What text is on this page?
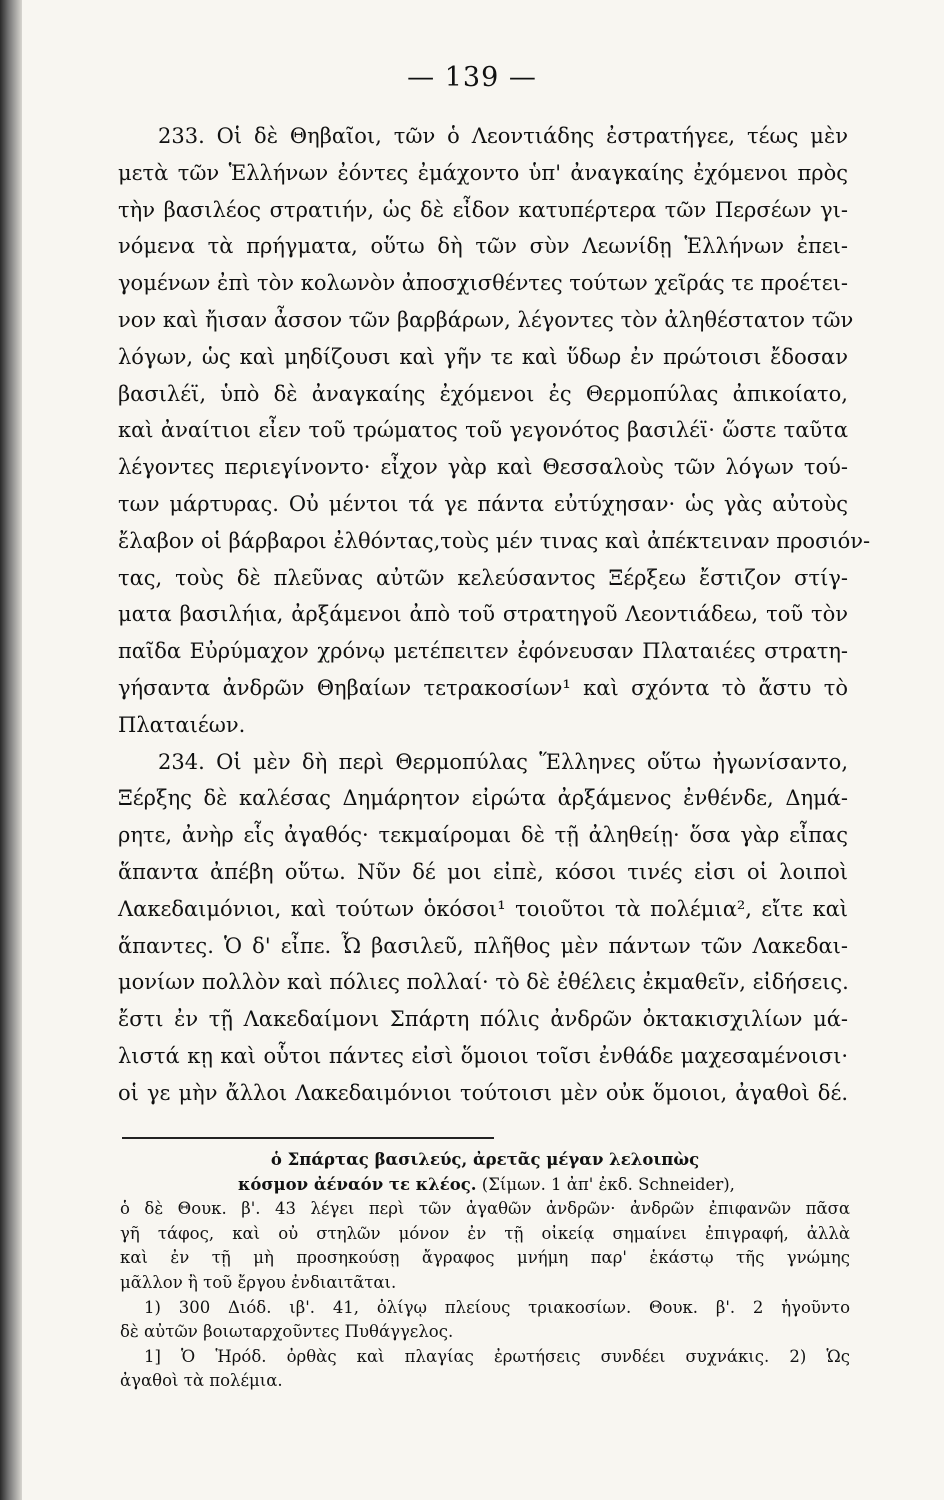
— 139 —
233. Οἱ δὲ Θηβαῖοι, τῶν ὁ Λεοντιάδης ἐστρατήγεε, τέως μὲν
μετὰ τῶν Ἑλλήνων ἐόντες ἐμάχοντο ὑπ' ἀναγκαίης ἐχόμενοι πρὸς
τὴν βασιλέος στρατιήν, ὡς δὲ εἶδον κατυπέρτερα τῶν Περσέων γι-
νόμενα τὰ πρήγματα, οὕτω δὴ τῶν σὺν Λεωνίδῃ Ἑλλήνων ἐπει-
γομένων ἐπὶ τὸν κολωνὸν ἀποσχισθέντες τούτων χεῖράς τε προέτει-
νον καὶ ἤισαν ἆσσον τῶν βαρβάρων, λέγοντες τὸν ἀληθέστατον τῶν
λόγων, ὡς καὶ μηδίζουσι καὶ γῆν τε καὶ ὕδωρ ἐν πρώτοισι ἔδοσαν
βασιλέϊ, ὑπὸ δὲ ἀναγκαίης ἐχόμενοι ἐς Θερμοπύλας ἀπικοίατο,
καὶ ἀναίτιοι εἶεν τοῦ τρώματος τοῦ γεγονότος βασιλέϊ· ὥστε ταῦτα
λέγοντες περιεγίνοντο· εἶχον γὰρ καὶ Θεσσαλοὺς τῶν λόγων τού-
των μάρτυρας. Οὐ μέντοι τά γε πάντα εὐτύχησαν· ὡς γὰς αὐτοὺς
ἔλαβον οἱ βάρβαροι ἐλθόντας,τοὺς μέν τινας καὶ ἀπέκτειναν προσιόν-
τας, τοὺς δὲ πλεῦνας αὐτῶν κελεύσαντος Ξέρξεω ἔστιζον στίγ-
ματα βασιλήια, ἀρξάμενοι ἀπὸ τοῦ στρατηγοῦ Λεοντιάδεω, τοῦ τὸν
παῖδα Εὐρύμαχον χρόνῳ μετέπειτεν ἐφόνευσαν Πλαταιέες στρατη-
γήσαντα ἀνδρῶν Θηβαίων τετρακοσίων¹ καὶ σχόντα τὸ ἄστυ τὸ
Πλαταιέων.
234. Οἱ μὲν δὴ περὶ Θερμοπύλας Ἕλληνες οὕτω ἠγωνίσαντο,
Ξέρξης δὲ καλέσας Δημάρητον εἰρώτα ἀρξάμενος ἐνθένδε, Δημά-
ρητε, ἀνὴρ εἷς ἀγαθός· τεκμαίρομαι δὲ τῇ ἀληθείῃ· ὅσα γὰρ εἶπας
ἅπαντα ἀπέβη οὕτω. Νῦν δέ μοι εἰπὲ, κόσοι τινές εἰσι οἱ λοιποὶ
Λακεδαιμόνιοι, καὶ τούτων ὁκόσοι¹ τοιοῦτοι τὰ πολέμια², εἴτε καὶ
ἅπαντες. Ὁ δ' εἶπε. Ὦ βασιλεῦ, πλῆθος μὲν πάντων τῶν Λακεδαι-
μονίων πολλὸν καὶ πόλιες πολλαί· τὸ δὲ ἐθέλεις ἐκμαθεῖν, εἰδήσεις.
ἔστι ἐν τῇ Λακεδαίμονι Σπάρτη πόλις ἀνδρῶν ὀκτακισχιλίων μά-
λιστά κῃ καὶ οὗτοι πάντες εἰσὶ ὅμοιοι τοῖσι ἐνθάδε μαχεσαμένοισι·
οἱ γε μὴν ἄλλοι Λακεδαιμόνιοι τούτοισι μὲν οὐκ ὅμοιοι, ἀγαθοὶ δέ.
ὁ Σπάρτας βασιλεύς, ἀρετᾶς μέγαν λελοιπὼς
κόσμον ἀέναόν τε κλέος. (Σίμων. 1 ἀπ' ἐκδ. Schneider),
ὁ δὲ Θουκ. β'. 43 λέγει περὶ τῶν ἀγαθῶν ἀνδρῶν· ἀνδρῶν ἐπιφανῶν πᾶσα
γῆ τάφος, καὶ οὐ στηλῶν μόνον ἐν τῇ οἰκείᾳ σημαίνει ἐπιγραφή, ἀλλὰ
καὶ ἐν τῇ μὴ προσηκούσῃ ἄγραφος μνήμη παρ' ἑκάστῳ τῆς γνώμης
μᾶλλον ἢ τοῦ ἔργου ἐνδιαιτᾶται.
1) 300 Διόδ. ιβ'. 41, ὀλίγῳ πλείους τριακοσίων. Θουκ. β'. 2 ἡγοῦντο
δὲ αὐτῶν βοιωταρχοῦντες Πυθάγγελος.
1] Ὁ Ἡρόδ. ὀρθὰς καὶ πλαγίας ἐρωτήσεις συνδέει συχνάκις. 2) Ὡς
ἀγαθοὶ τὰ πολέμια.
